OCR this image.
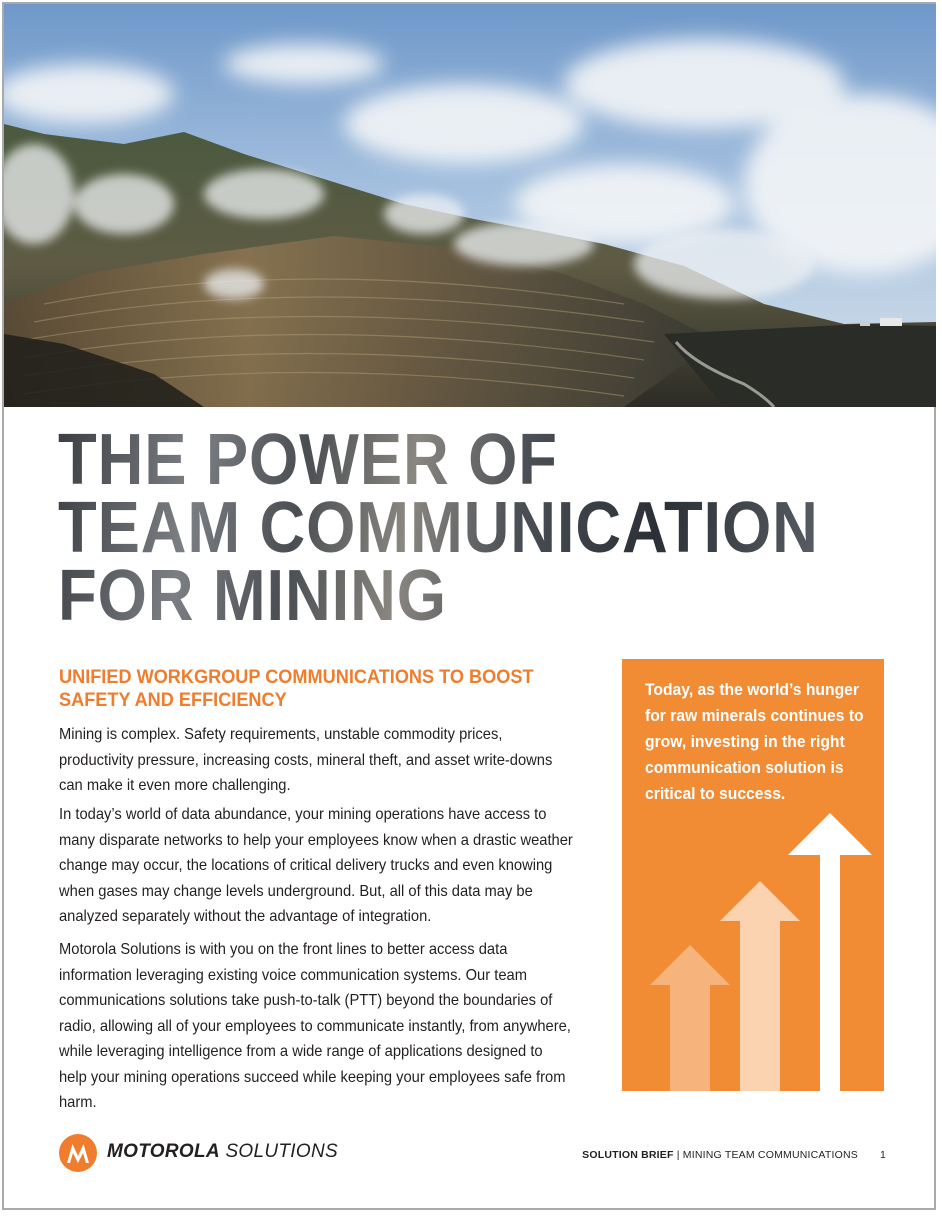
THE POWER OF
TEAM COMMUNICATIONS
FOR MINING
UNIFIED WORKGROUP COMMUNICATIONS TO BOOST
SAFETY AND EFFICIENCY
Mining is complex. Safety requirements, unstable commodity prices, productivity pressure, increasing costs, mineral theft, and asset write-downs can make it even more challenging.
In today’s world of data abundance, your mining operations have access to many disparate networks to help your employees know when a drastic weather change may occur, the locations of critical delivery trucks and even knowing when gases may change levels underground. But, all of this data may be analyzed separately without the advantage of integration.
Motorola Solutions is with you on the front lines to better access data information leveraging existing voice communication systems. Our team communications solutions take push-to-talk (PTT) beyond the boundaries of radio, allowing all of your employees to communicate instantly, from anywhere, while leveraging intelligence from a wide range of applications designed to help your mining operations succeed while keeping your employees safe from harm.
Today, as the world’s hunger for raw minerals continues to grow, investing in the right communication solution is critical to success.
MOTOROLA SOLUTIONS	SOLUTION BRIEF | MINING TEAM COMMUNICATIONS 1
